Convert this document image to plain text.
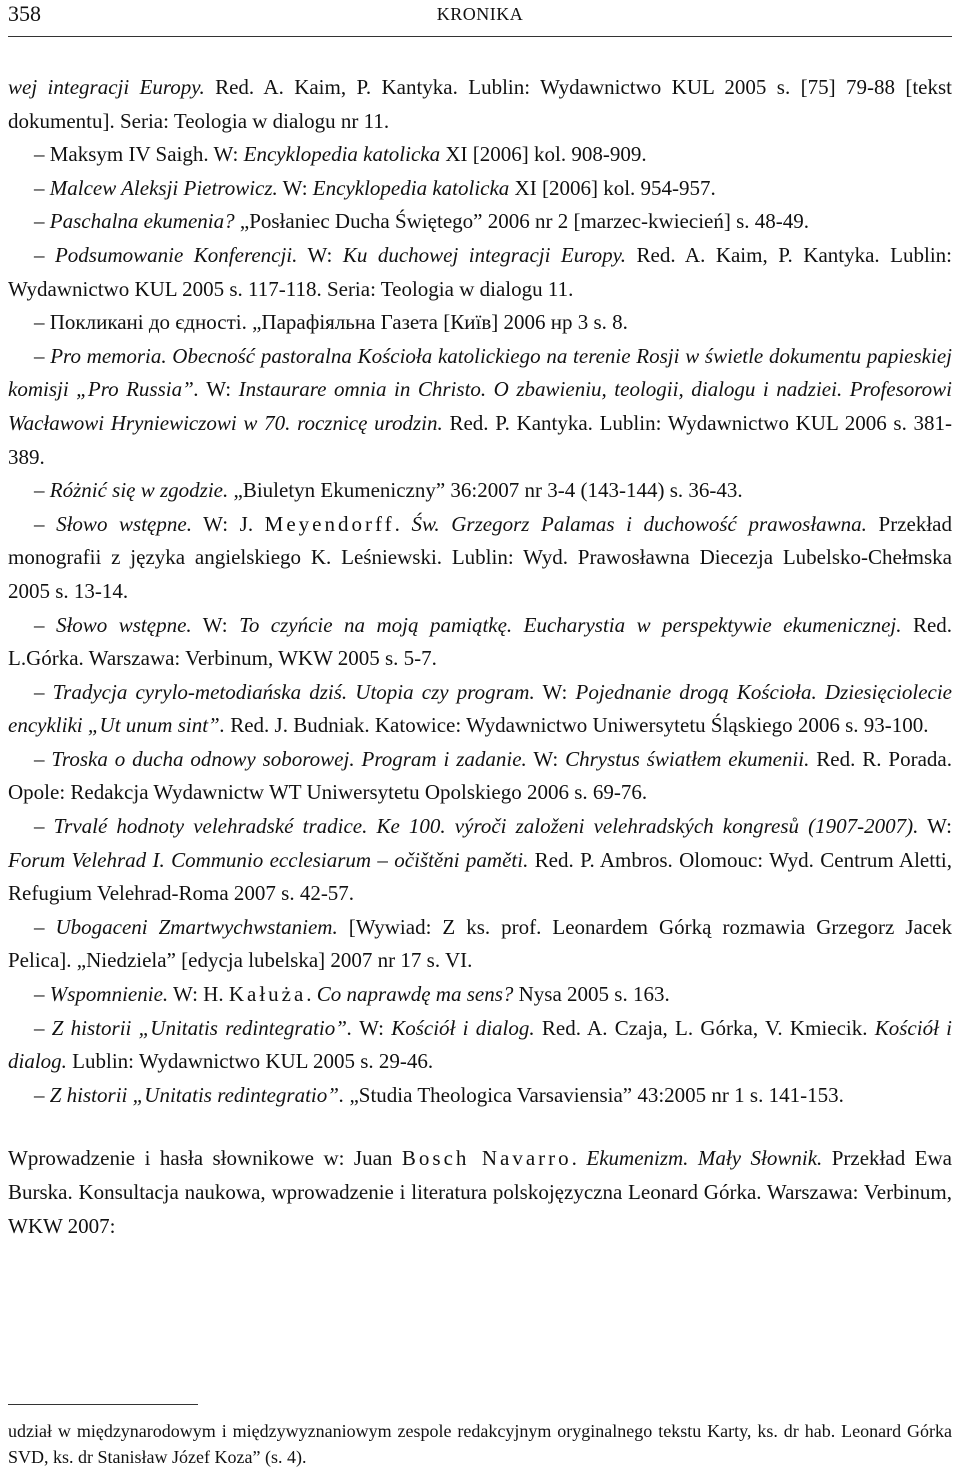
358	KRONIKA

wej integracji Europy. Red. A. Kaim, P. Kantyka. Lublin: Wydawnictwo KUL 2005 s. [75] 79-88 [tekst dokumentu]. Seria: Teologia w dialogu nr 11.

– Maksym IV Saigh. W: Encyklopedia katolicka XI [2006] kol. 908-909.

– Malcew Aleksji Pietrowicz. W: Encyklopedia katolicka XI [2006] kol. 954-957.

– Paschalna ekumenia? „Posłaniec Ducha Świętego” 2006 nr 2 [marzec-kwiecień] s. 48-49.

– Podsumowanie Konferencji. W: Ku duchowej integracji Europy. Red. A. Kaim, P. Kantyka. Lublin: Wydawnictwo KUL 2005 s. 117-118. Seria: Teologia w dialogu 11.

– Покликані до єдності. „Парафіяльна Газета [Київ] 2006 нр 3 s. 8.

– Pro memoria. Obecność pastoralna Kościoła katolickiego na terenie Rosji w świetle dokumentu papieskiej komisji „Pro Russia”. W: Instaurare omnia in Christo. O zbawieniu, teologii, dialogu i nadziei. Profesorowi Wacławowi Hryniewiczowi w 70. rocznicę urodzin. Red. P. Kantyka. Lublin: Wydawnictwo KUL 2006 s. 381-389.

– Różnić się w zgodzie. „Biuletyn Ekumeniczny” 36:2007 nr 3-4 (143-144) s. 36-43.

– Słowo wstępne. W: J. Meyendorff. Św. Grzegorz Palamas i duchowość prawosławna. Przekład monografii z języka angielskiego K. Leśniewski. Lublin: Wyd. Prawosławna Diecezja Lubelsko-Chełmska 2005 s. 13-14.

– Słowo wstępne. W: To czyńcie na moją pamiątkę. Eucharystia w perspektywie ekumenicznej. Red. L.Górka. Warszawa: Verbinum, WKW 2005 s. 5-7.

– Tradycja cyrylo-metodiańska dziś. Utopia czy program. W: Pojednanie drogą Kościoła. Dziesięciolecie encykliki „Ut unum sint”. Red. J. Budniak. Katowice: Wydawnictwo Uniwersytetu Śląskiego 2006 s. 93-100.

– Troska o ducha odnowy soborowej. Program i zadanie. W: Chrystus światłem ekumenii. Red. R. Porada. Opole: Redakcja Wydawnictw WT Uniwersytetu Opolskiego 2006 s. 69-76.

– Trvalé hodnoty velehradské tradice. Ke 100. výroči založeni velehradských kongresů (1907-2007). W: Forum Velehrad I. Communio ecclesiarum – očištěni paměti. Red. P. Ambros. Olomouc: Wyd. Centrum Aletti, Refugium Velehrad-Roma 2007 s. 42-57.

– Ubogaceni Zmartwychwstaniem. [Wywiad: Z ks. prof. Leonardem Górką rozmawia Grzegorz Jacek Pelica]. „Niedziela” [edycja lubelska] 2007 nr 17 s. VI.

– Wspomnienie. W: H. Kałuża. Co naprawdę ma sens? Nysa 2005 s. 163.

– Z historii „Unitatis redintegratio”. W: Kościół i dialog. Red. A. Czaja, L. Górka, V. Kmiecik. Kościół i dialog. Lublin: Wydawnictwo KUL 2005 s. 29-46.

– Z historii „Unitatis redintegratio”. „Studia Theologica Varsaviensia” 43:2005 nr 1 s. 141-153.

Wprowadzenie i hasła słownikowe w: Juan Bosch Navarro. Ekumenizm. Mały Słownik. Przekład Ewa Burska. Konsultacja naukowa, wprowadzenie i literatura polskojęzyczna Leonard Górka. Warszawa: Verbinum, WKW 2007:

udział w międzynarodowym i międzywyznaniowym zespole redakcyjnym oryginalnego tekstu Karty, ks. dr hab. Leonard Górka SVD, ks. dr Stanisław Józef Koza” (s. 4).
